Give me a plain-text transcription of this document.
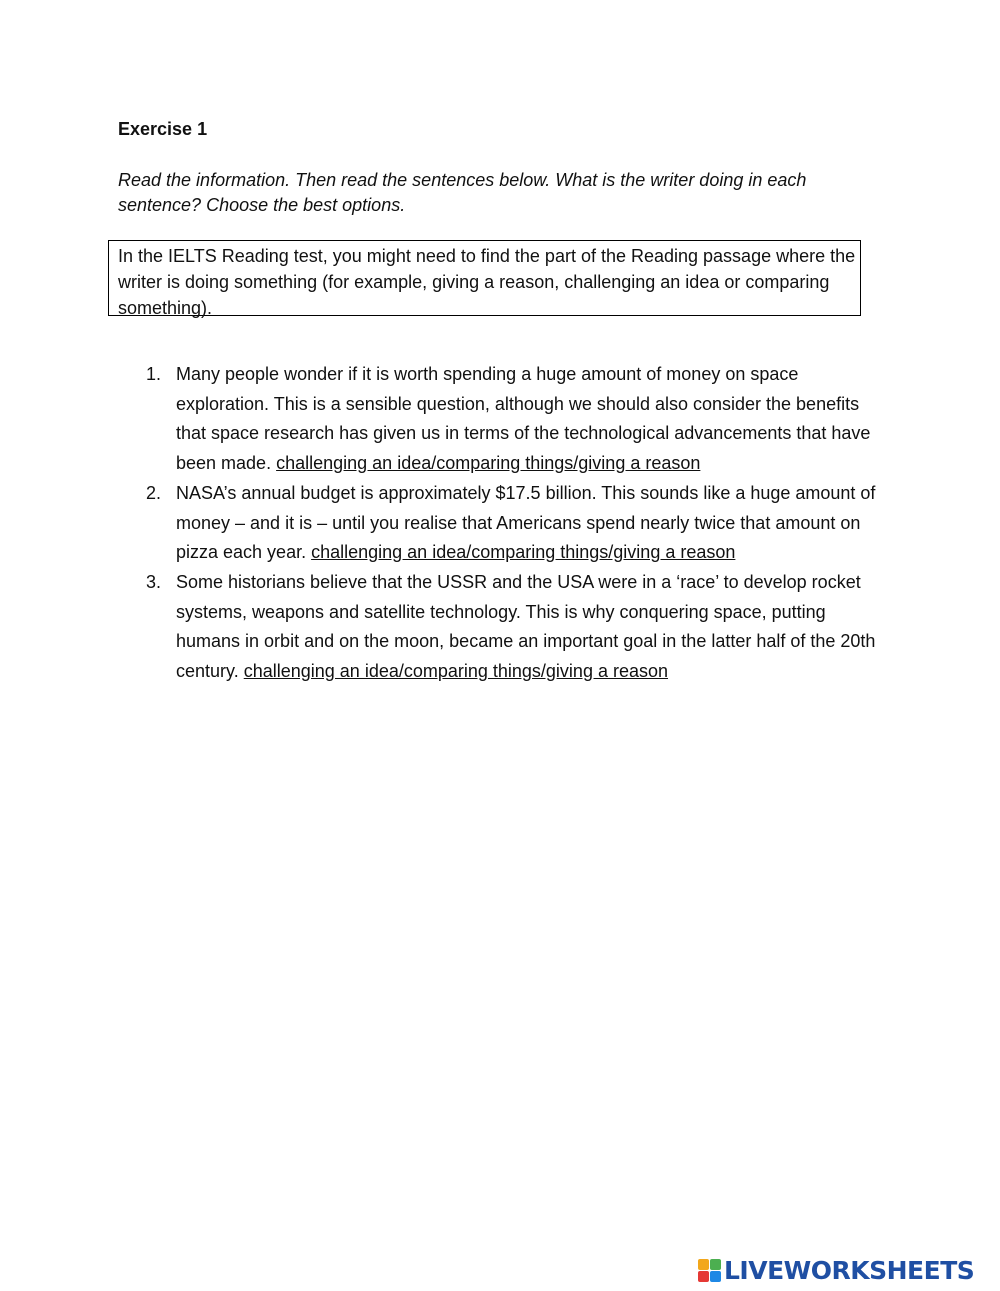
Exercise 1

Read the information. Then read the sentences below. What is the writer doing in each sentence? Choose the best options.

In the IELTS Reading test, you might need to find the part of the Reading passage where the writer is doing something (for example, giving a reason, challenging an idea or comparing something).
1. Many people wonder if it is worth spending a huge amount of money on space exploration. This is a sensible question, although we should also consider the benefits that space research has given us in terms of the technological advancements that have been made. challenging an idea/comparing things/giving a reason
2. NASA’s annual budget is approximately $17.5 billion. This sounds like a huge amount of money – and it is – until you realise that Americans spend nearly twice that amount on pizza each year. challenging an idea/comparing things/giving a reason
3. Some historians believe that the USSR and the USA were in a ‘race’ to develop rocket systems, weapons and satellite technology. This is why conquering space, putting humans in orbit and on the moon, became an important goal in the latter half of the 20th century. challenging an idea/comparing things/giving a reason
LIVEWORKSHEETS
